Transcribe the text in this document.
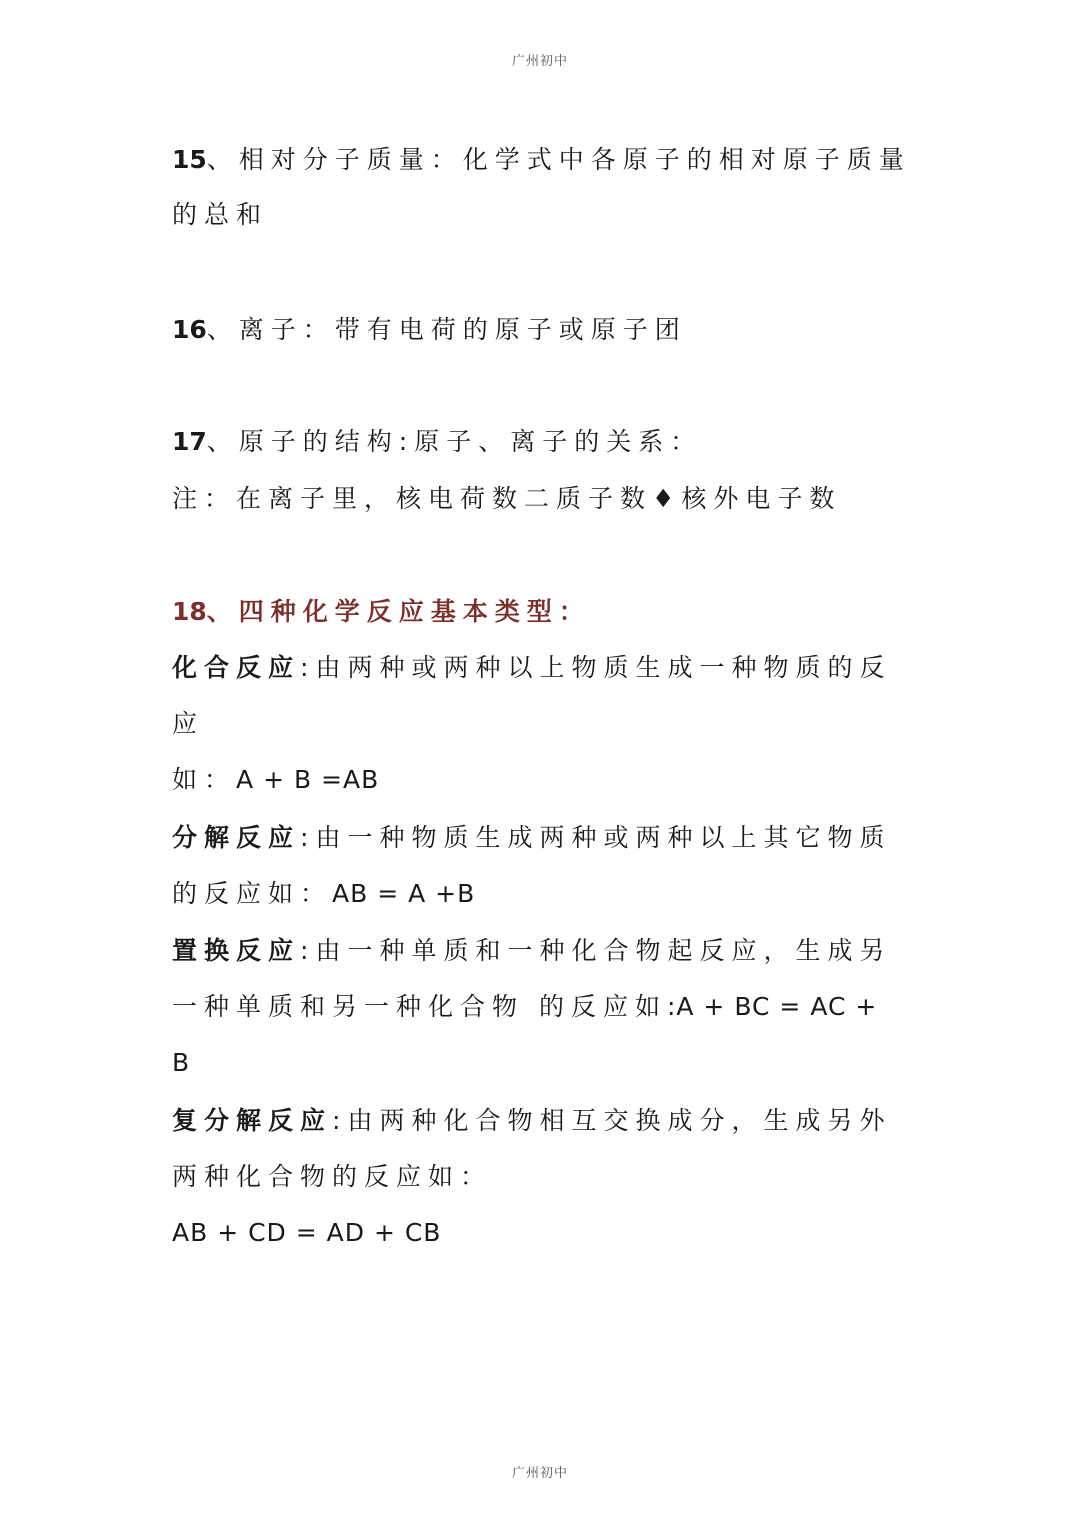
广州初中
15、相对分子质量：化学式中各原子的相对原子质量
的总和
16、离子：带有电荷的原子或原子团
17、原子的结构:原子、离子的关系：
注：在离子里，核电荷数二质子数♦核外电子数
18、四种化学反应基本类型：
化合反应:由两种或两种以上物质生成一种物质的反
应
如：A + B =AB
分解反应:由一种物质生成两种或两种以上其它物质
的反应如：AB = A +B
置换反应:由一种单质和一种化合物起反应，生成另
一种单质和另一种化合物 的反应如:A + BC = AC +
B
复分解反应:由两种化合物相互交换成分，生成另外
两种化合物的反应如：
AB + CD = AD + CB
广州初中
